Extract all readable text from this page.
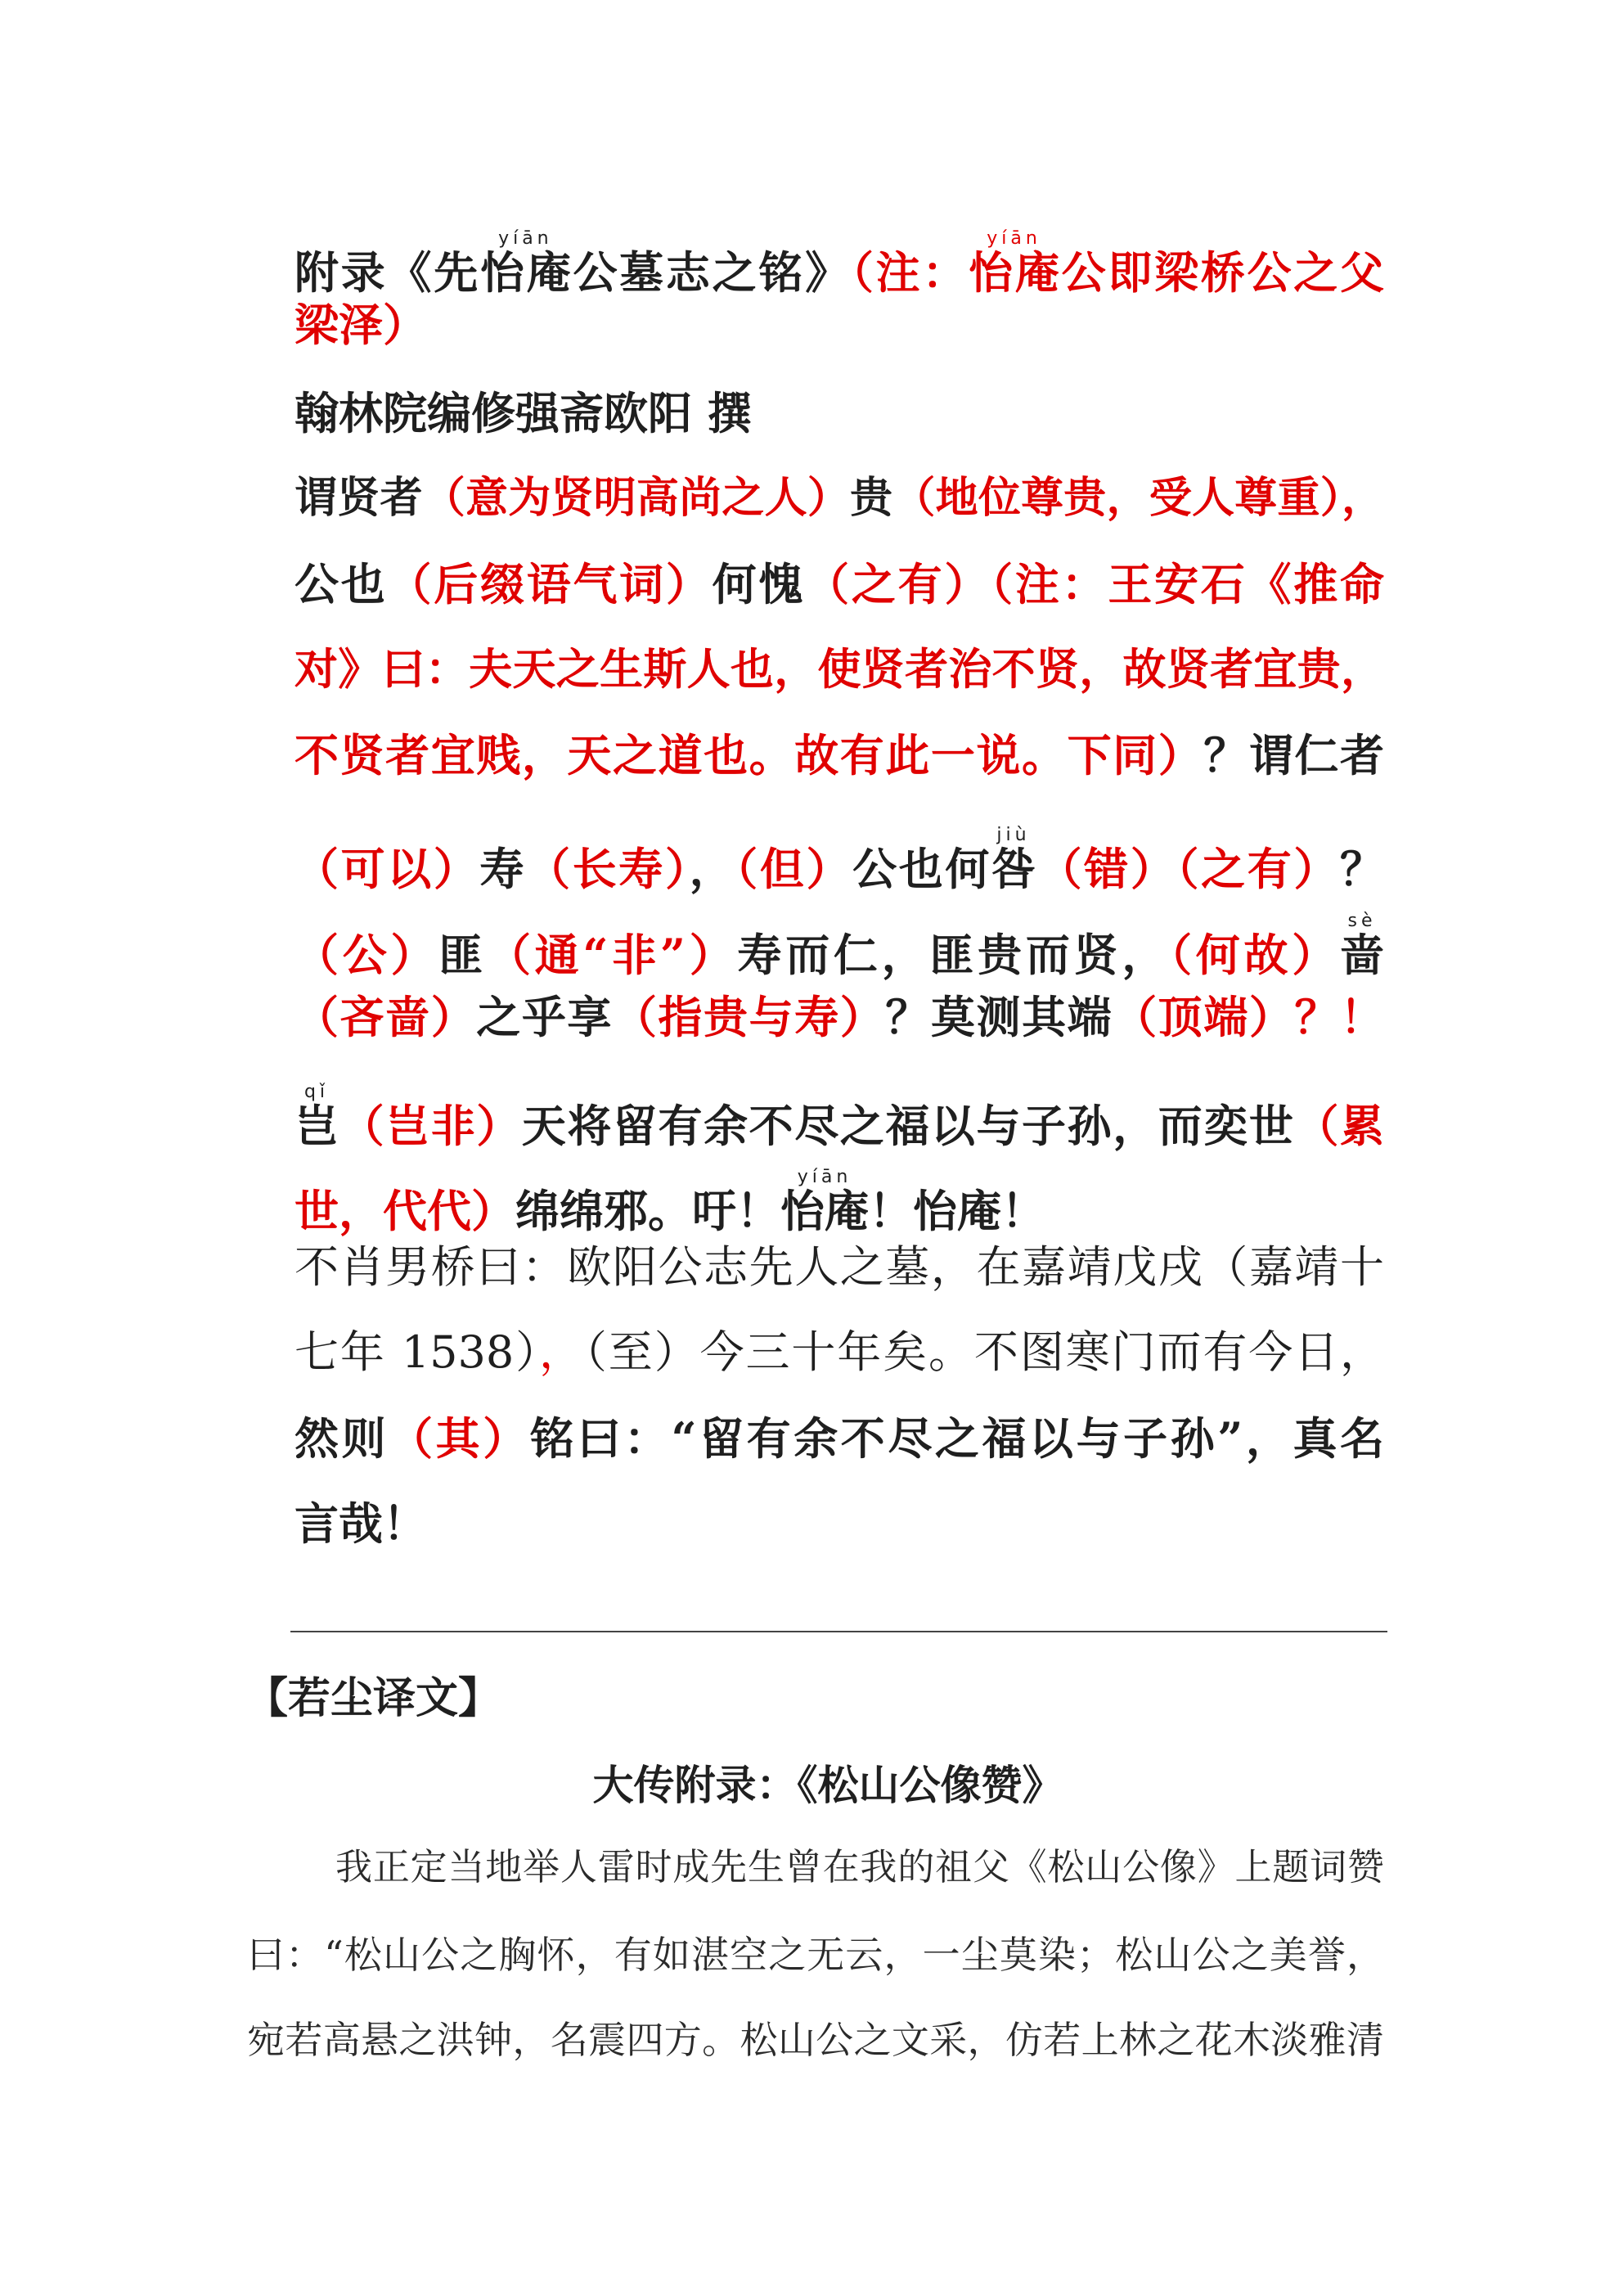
附录《先怡庵yíān公墓志之铭》（注：怡庵yíān公即梁桥公之父
梁泽）
翰林院编修强斋欧阳 撰
谓贤者（意为贤明高尚之人）贵（地位尊贵，受人尊重），
公也（后缀语气词）何愧（之有）（注：王安石《推命
对》曰：夫天之生斯人也，使贤者治不贤，故贤者宜贵，
不贤者宜贱，天之道也。故有此一说。下同）？谓仁者
（可以）寿（长寿），（但）公也何咎jiù（错）（之有）？
（公）匪（通“非”）寿而仁，匪贵而贤，（何故）啬sè
（吝啬）之乎享（指贵与寿）？莫测其端（顶端）？！
岂qǐ（岂非）天将留有余不尽之福以与子孙，而奕世（累
世，代代）绵绵邪。吁！怡庵yíān！怡庵！
不肖男桥曰：欧阳公志先人之墓，在嘉靖戊戌（嘉靖十
七年 1538），（至）今三十年矣。不图寒门而有今日，
然则（其）铭曰：“留有余不尽之福以与子孙”，真名
言哉！
【若尘译文】
大传附录：《松山公像赞》
我正定当地举人雷时成先生曾在我的祖父《松山公像》上题词赞
曰：“松山公之胸怀，有如湛空之无云，一尘莫染；松山公之美誉，
宛若高悬之洪钟，名震四方。松山公之文采，仿若上林之花木淡雅清
